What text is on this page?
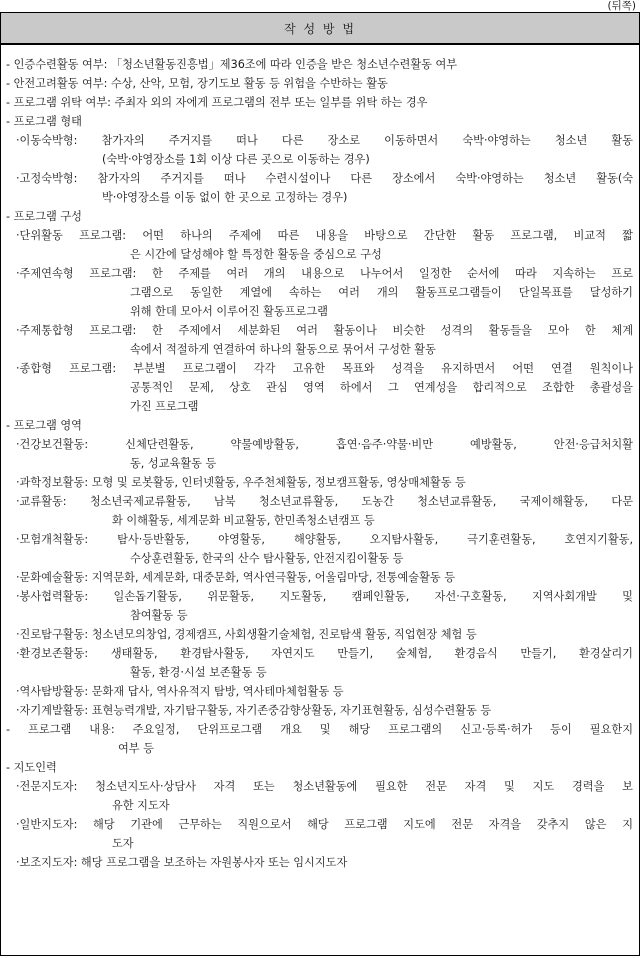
(뒤쪽)
작 성 방 법
- 인증수련활동 여부: 「청소년활동진흥법」제36조에 따라 인증을 받은 청소년수련활동 여부
- 안전고려활동 여부: 수상, 산악, 모험, 장기도보 활동 등 위험을 수반하는 활동
- 프로그램 위탁 여부: 주최자 외의 자에게 프로그램의 전부 또는 일부를 위탁 하는 경우
- 프로그램 형태
·이동숙박형: 참가자의 주거지를 떠나 다른 장소로 이동하면서 숙박·야영하는 청소년 활동
(숙박·야영장소를 1회 이상 다른 곳으로 이동하는 경우)
·고정숙박형: 참가자의 주거지를 떠나 수련시설이나 다른 장소에서 숙박·야영하는 청소년 활동(숙
박·야영장소를 이동 없이 한 곳으로 고정하는 경우)
- 프로그램 구성
·단위활동 프로그램: 어떤 하나의 주제에 따른 내용을 바탕으로 간단한 활동 프로그램, 비교적 짧
은 시간에 달성해야 할 특정한 활동을 중심으로 구성
·주제연속형 프로그램: 한 주제를 여러 개의 내용으로 나누어서 일정한 순서에 따라 지속하는 프로
그램으로 동일한 계열에 속하는 여러 개의 활동프로그램들이 단일목표를 달성하기
위해 한데 모아서 이루어진 활동프로그램
·주제통합형 프로그램: 한 주제에서 세분화된 여러 활동이나 비슷한 성격의 활동들을 모아 한 체계
속에서 적절하게 연결하여 하나의 활동으로 묶어서 구성한 활동
·종합형 프로그램: 부분별 프로그램이 각각 고유한 목표와 성격을 유지하면서 어떤 연결 원칙이나
공통적인 문제, 상호 관심 영역 하에서 그 연계성을 합리적으로 조합한 총괄성을
가진 프로그램
- 프로그램 영역
·건강보건활동: 신체단련활동, 약물예방활동, 흡연·음주·약물·비만 예방활동, 안전·응급처치활
동, 성교육활동 등
·과학정보활동: 모형 및 로봇활동, 인터넷활동, 우주천체활동, 정보캠프활동, 영상매체활동 등
·교류활동: 청소년국제교류활동, 남북 청소년교류활동, 도농간 청소년교류활동, 국제이해활동, 다문
화 이해활동, 세계문화 비교활동, 한민족청소년캠프 등
·모험개척활동: 탐사·등반활동, 야영활동, 해양활동, 오지탐사활동, 극기훈련활동, 호연지기활동,
수상훈련활동, 한국의 산수 탐사활동, 안전지킴이활동 등
·문화예술활동: 지역문화, 세계문화, 대중문화, 역사연극활동, 어울림마당, 전통예술활동 등
·봉사협력활동: 일손돕기활동, 위문활동, 지도활동, 캠페인활동, 자선·구호활동, 지역사회개발 및
참여활동 등
·진로탐구활동: 청소년모의창업, 경제캠프, 사회생활기술체험, 진로탐색 활동, 직업현장 체험 등
·환경보존활동: 생태활동, 환경탐사활동, 자연지도 만들기, 숲체험, 환경음식 만들기, 환경살리기
활동, 환경·시설 보존활동 등
·역사탐방활동: 문화재 답사, 역사유적지 탐방, 역사테마체험활동 등
·자기계발활동: 표현능력개발, 자기탐구활동, 자기존중감향상활동, 자기표현활동, 심성수련활동 등
- 프로그램 내용: 주요일정, 단위프로그램 개요 및 해당 프로그램의 신고·등록·허가 등이 필요한지
여부 등
- 지도인력
·전문지도자: 청소년지도사·상담사 자격 또는 청소년활동에 필요한 전문 자격 및 지도 경력을 보
유한 지도자
·일반지도자: 해당 기관에 근무하는 직원으로서 해당 프로그램 지도에 전문 자격을 갖추지 않은 지
도자
·보조지도자: 해당 프로그램을 보조하는 자원봉사자 또는 임시지도자
